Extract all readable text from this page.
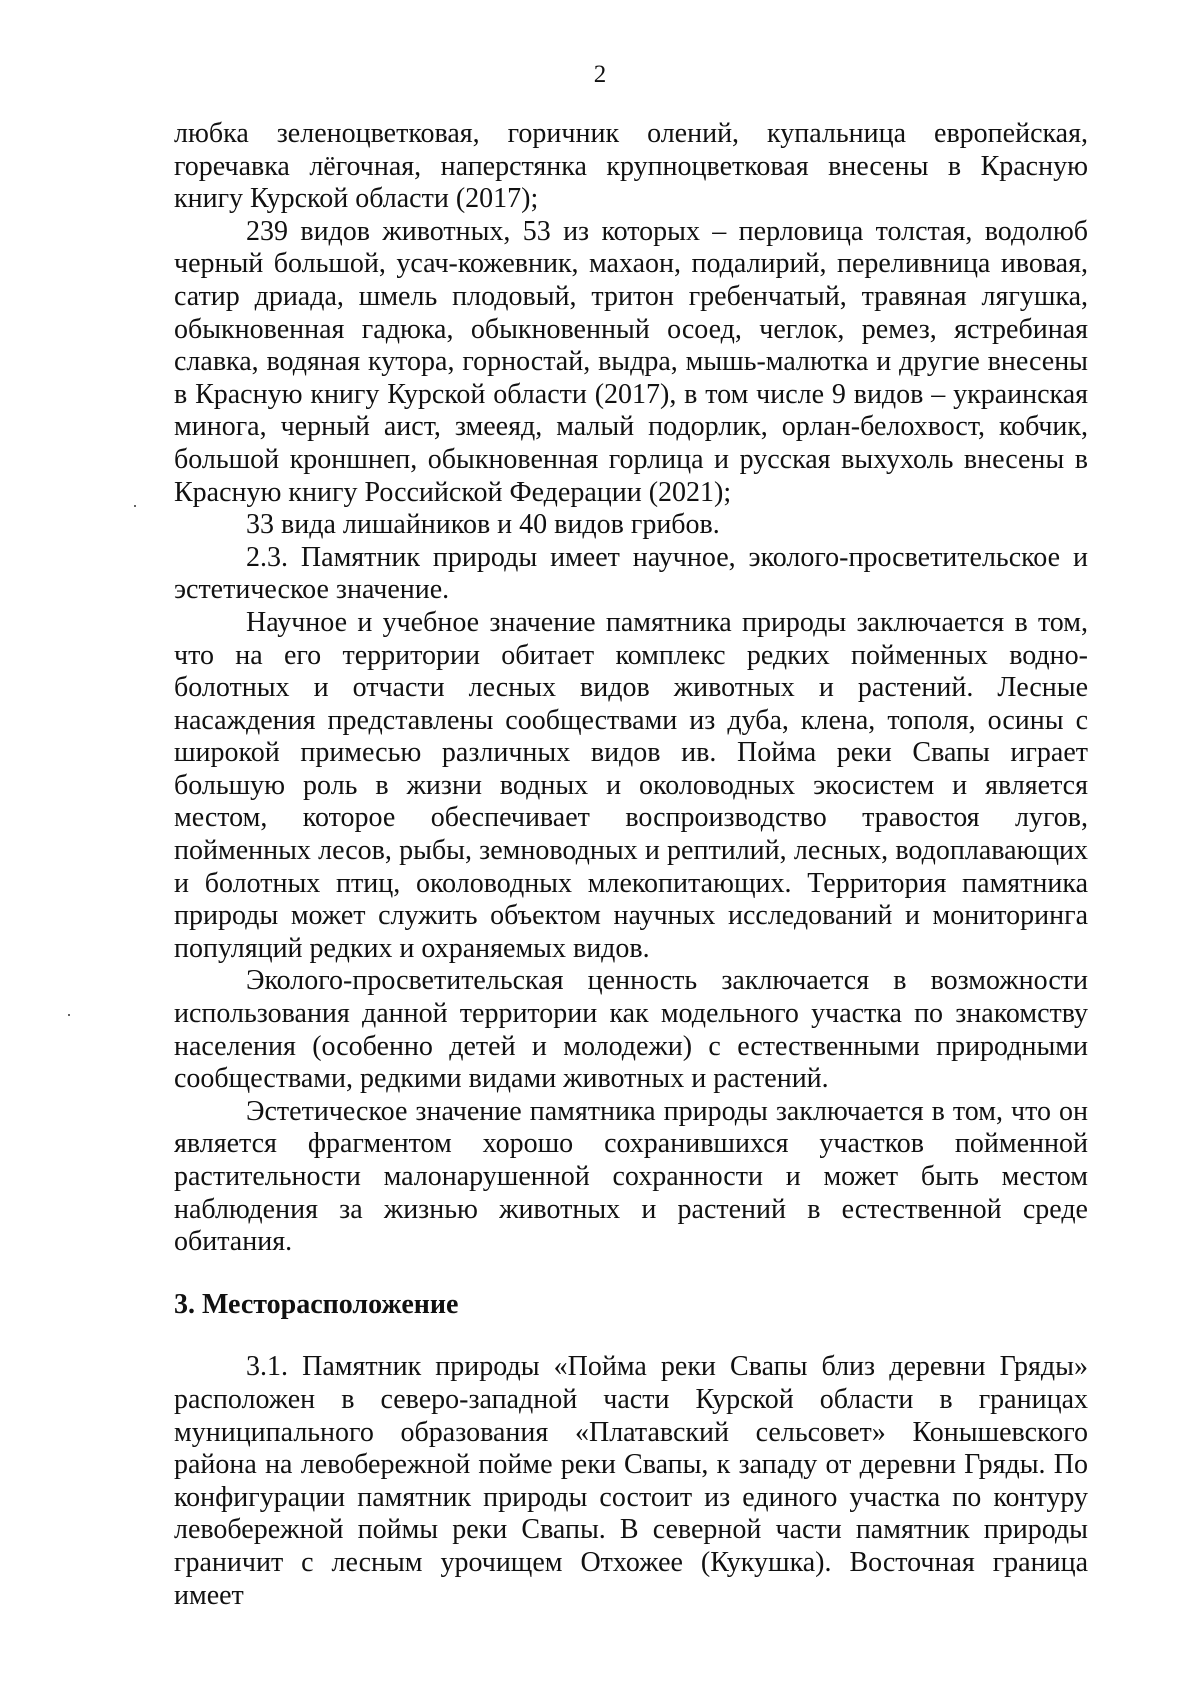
2

любка зеленоцветковая, горичник олений, купальница европейская, горечавка лёгочная, наперстянка крупноцветковая внесены в Красную книгу Курской области (2017);

239 видов животных, 53 из которых – перловица толстая, водолюб черный большой, усач-кожевник, махаон, подалирий, переливница ивовая, сатир дриада, шмель плодовый, тритон гребенчатый, травяная лягушка, обыкновенная гадюка, обыкновенный осоед, чеглок, ремез, ястребиная славка, водяная кутора, горностай, выдра, мышь-малютка и другие внесены в Красную книгу Курской области (2017), в том числе 9 видов – украинская минога, черный аист, змееяд, малый подорлик, орлан-белохвост, кобчик, большой кроншнеп, обыкновенная горлица и русская выхухоль внесены в Красную книгу Российской Федерации (2021);

33 вида лишайников и 40 видов грибов.

2.3. Памятник природы имеет научное, эколого-просветительское и эстетическое значение.

Научное и учебное значение памятника природы заключается в том, что на его территории обитает комплекс редких пойменных водно-болотных и отчасти лесных видов животных и растений. Лесные насаждения представлены сообществами из дуба, клена, тополя, осины с широкой примесью различных видов ив. Пойма реки Свапы играет большую роль в жизни водных и околоводных экосистем и является местом, которое обеспечивает воспроизводство травостоя лугов, пойменных лесов, рыбы, земноводных и рептилий, лесных, водоплавающих и болотных птиц, околоводных млекопитающих. Территория памятника природы может служить объектом научных исследований и мониторинга популяций редких и охраняемых видов.

Эколого-просветительская ценность заключается в возможности использования данной территории как модельного участка по знакомству населения (особенно детей и молодежи) с естественными природными сообществами, редкими видами животных и растений.

Эстетическое значение памятника природы заключается в том, что он является фрагментом хорошо сохранившихся участков пойменной растительности малонарушенной сохранности и может быть местом наблюдения за жизнью животных и растений в естественной среде обитания.

3. Месторасположение

3.1. Памятник природы «Пойма реки Свапы близ деревни Гряды» расположен в северо-западной части Курской области в границах муниципального образования «Платавский сельсовет» Конышевского района на левобережной пойме реки Свапы, к западу от деревни Гряды. По конфигурации памятник природы состоит из единого участка по контуру левобережной поймы реки Свапы. В северной части памятник природы граничит с лесным урочищем Отхожее (Кукушка). Восточная граница имеет
